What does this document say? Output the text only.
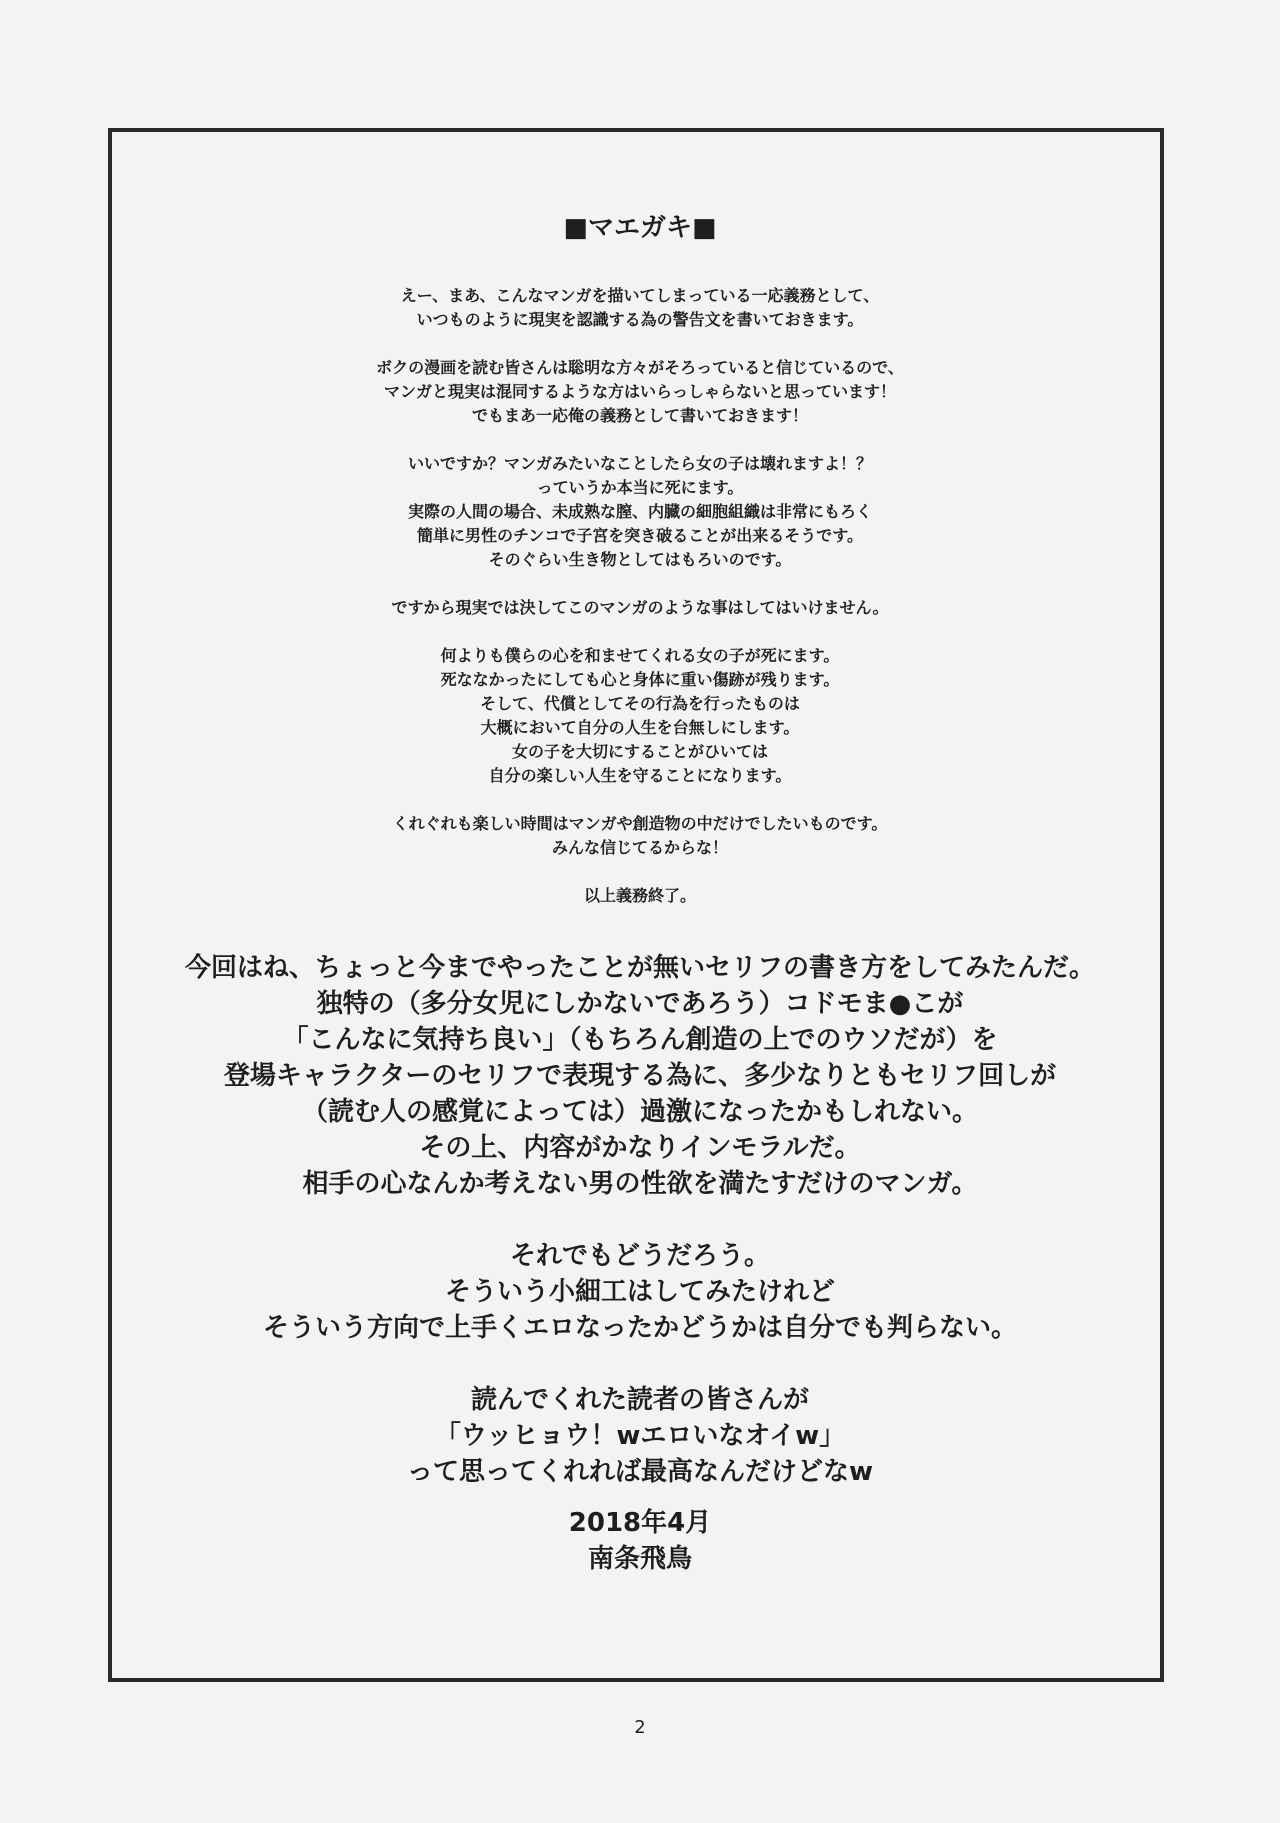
■マエガキ■

えー、まあ、こんなマンガを描いてしまっている一応義務として、
いつものように現実を認識する為の警告文を書いておきます。

ボクの漫画を読む皆さんは聡明な方々がそろっていると信じているので、
マンガと現実は混同するような方はいらっしゃらないと思っています！
でもまあ一応俺の義務として書いておきます！

いいですか？マンガみたいなことしたら女の子は壊れますよ！？
っていうか本当に死にます。
実際の人間の場合、未成熟な膣、内臓の細胞組織は非常にもろく
簡単に男性のチンコで子宮を突き破ることが出来るそうです。
そのぐらい生き物としてはもろいのです。

ですから現実では決してこのマンガのような事はしてはいけません。

何よりも僕らの心を和ませてくれる女の子が死にます。
死ななかったにしても心と身体に重い傷跡が残ります。
そして、代償としてその行為を行ったものは
大概において自分の人生を台無しにします。
女の子を大切にすることがひいては
自分の楽しい人生を守ることになります。

くれぐれも楽しい時間はマンガや創造物の中だけでしたいものです。
みんな信じてるからな！

以上義務終了。

今回はね、ちょっと今までやったことが無いセリフの書き方をしてみたんだ。
独特の（多分女児にしかないであろう）コドモま●こが
「こんなに気持ち良い」（もちろん創造の上でのウソだが）を
登場キャラクターのセリフで表現する為に、多少なりともセリフ回しが
（読む人の感覚によっては）過激になったかもしれない。
その上、内容がかなりインモラルだ。
相手の心なんか考えない男の性欲を満たすだけのマンガ。

それでもどうだろう。
そういう小細工はしてみたけれど
そういう方向で上手くエロなったかどうかは自分でも判らない。

読んでくれた読者の皆さんが
「ウッヒョウ！wエロいなオイw」
って思ってくれれば最高なんだけどなw

2018年4月
南条飛鳥
2
